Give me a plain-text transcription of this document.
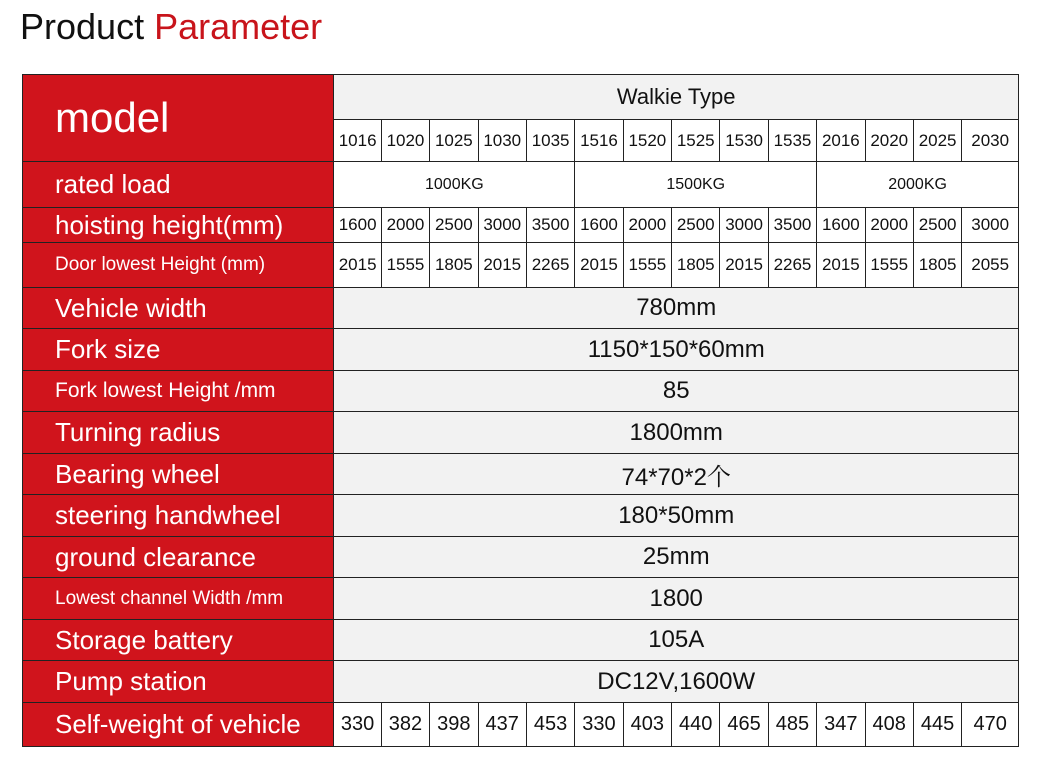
Product Parameter
model	Walkie Type													
	1016	1020	1025	1030	1035	1516	1520	1525	1530	1535	2016	2020	2025	2030
rated load	1000KG					1500KG					2000KG			
hoisting height(mm)	1600	2000	2500	3000	3500	1600	2000	2500	3000	3500	1600	2000	2500	3000
Door lowest Height (mm)	2015	1555	1805	2015	2265	2015	1555	1805	2015	2265	2015	1555	1805	2055
Vehicle width	780mm													
Fork size	1150*150*60mm													
Fork lowest Height /mm	85													
Turning radius	1800mm													
Bearing wheel	74*70*2个													
steering handwheel	180*50mm													
ground clearance	25mm													
Lowest channel Width /mm	1800													
Storage battery	105A													
Pump station	DC12V,1600W													
Self-weight of vehicle	330	382	398	437	453	330	403	440	465	485	347	408	445	470
